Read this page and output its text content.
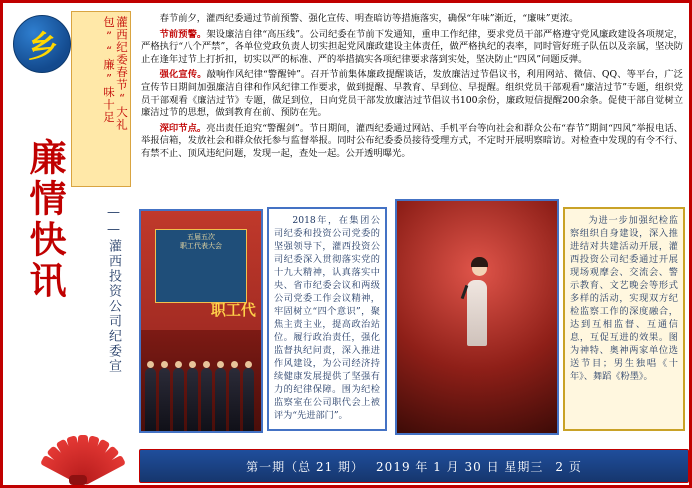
乡	灌西纪委春节“大礼包”“廉”味十足
廉情快讯	——灌西投资公司纪委宣

春节前夕，灌西纪委通过节前预警、强化宣传、明查暗访等措施落实，确保“年味”渐近，“廉味”更浓。

节前预警。架设廉洁自律“高压线”。公司纪委在节前下发通知，重申工作纪律，要求党员干部严格遵守党风廉政建设各项规定，严格执行“八个严禁”，各单位党政负责人切实担起党风廉政建设主体责任，做严格执纪的表率，同时管好班子队伍以及亲属，坚决防止在逢年过节上打折扣，切实以严的标准、严的举措搞实各项纪律要求落到实处，坚决防止“四风”问题反弹。

强化宣传。敲响作风纪律“警醒钟”。召开节前集体廉政提醒谈话，发放廉洁过节倡议书，利用网站、微信、QQ、等平台，广泛宣传节日期间加强廉洁自律和作风纪律工作要求，做到提醒、早教育、早到位、早提醒。组织党员干部观看“廉洁过节”专题，组织党员干部观看《廉洁过节》专题，做足到位，日向党员干部发放廉洁过节倡议书100余份，廉政短信提醒200余条。促使干部自觉树立廉洁过节的思想，做到教育在前、预防在先。

深印节点。亮出责任追究“警醒剑”。节日期间，灌西纪委通过网站、手机平台等向社会和群众公布“春节”期间“四风”举报电话、举报信箱，发放社会和群众依托参与监督举报。同时公布纪委委员接待受理方式，不定时开展明察暗访。对检查中发现的有令不行、有禁不止、顶风违纪问题，发现一起，查处一起。公开透明曝光。

五届五次
职工代表大会
职工代
2018年，在集团公司纪委和投资公司党委的坚强领导下，灌西投资公司纪委深入贯彻落实党的十九大精神，认真落实中央、省市纪委会议和两级公司党委工作会议精神，牢固树立“四个意识”，聚焦主责主业，提高政治站位。履行政治责任，强化监督执纪问责，深入推进作风建设，为公司经济持续健康发展提供了坚强有力的纪律保障。围为纪检监察室在公司职代会上被评为“先进部门”。
为进一步加强纪检监察组织自身建设，深入推进结对共建活动开展，灌西投资公司纪委通过开展现场观摩会、交流会、警示教育、文艺晚会等形式多样的活动，实现双方纪检监察工作的深度融合，达到互相监督、互通信息，互促互进的效果。图为神特、奥神两家单位选送节目；男生独唱《十年》、舞蹈《粉墨》。
第一期（总 21 期） 2019 年 1 月 30 日 星期三 2 页
